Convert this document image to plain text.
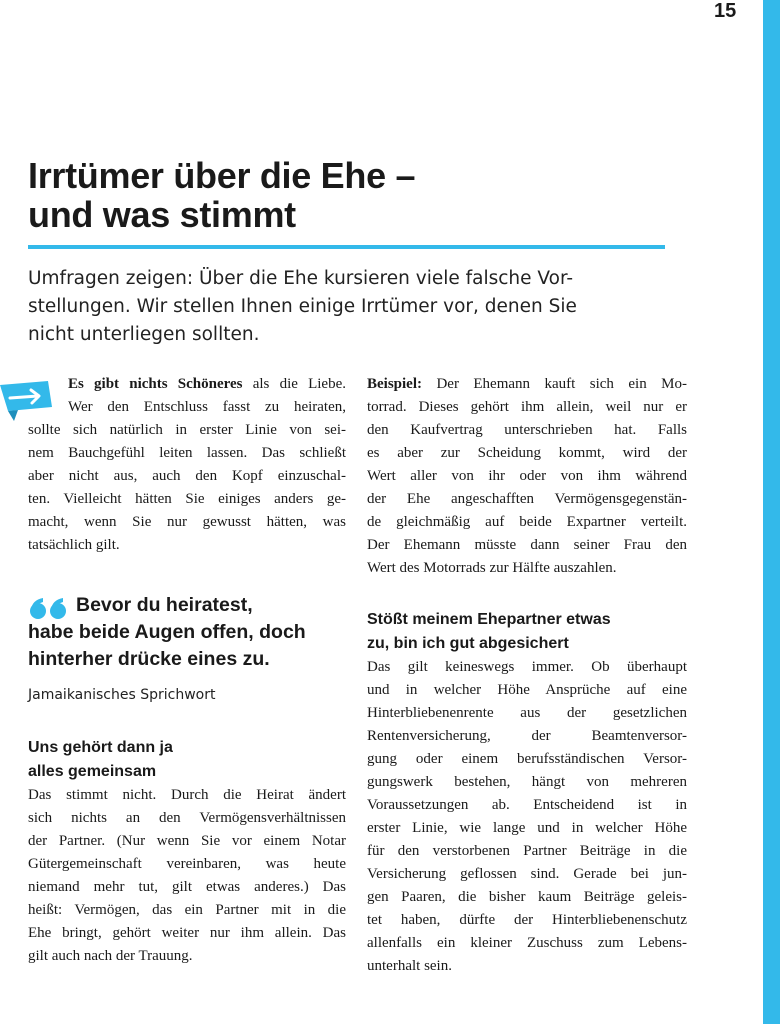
15
Irrtümer über die Ehe –
und was stimmt

Umfragen zeigen: Über die Ehe kursieren viele falsche Vor-
stellungen. Wir stellen Ihnen einige Irrtümer vor, denen Sie
nicht unterliegen sollten.

Es gibt nichts Schöneres als die Liebe.
Wer den Entschluss fasst zu heiraten,
sollte sich natürlich in erster Linie von sei-
nem Bauchgefühl leiten lassen. Das schließt
aber nicht aus, auch den Kopf einzuschal-
ten. Vielleicht hätten Sie einiges anders ge-
macht, wenn Sie nur gewusst hätten, was
tatsächlich gilt.

Bevor du heiratest,
habe beide Augen offen, doch
hinterher drücke eines zu.

Jamaikanisches Sprichwort
Uns gehört dann ja
alles gemeinsam
Das stimmt nicht. Durch die Heirat ändert
sich nichts an den Vermögensverhältnissen
der Partner. (Nur wenn Sie vor einem Notar
Gütergemeinschaft vereinbaren, was heute
niemand mehr tut, gilt etwas anderes.) Das
heißt: Vermögen, das ein Partner mit in die
Ehe bringt, gehört weiter nur ihm allein. Das
gilt auch nach der Trauung.
Beispiel: Der Ehemann kauft sich ein Mo-
torrad. Dieses gehört ihm allein, weil nur er
den Kaufvertrag unterschrieben hat. Falls
es aber zur Scheidung kommt, wird der
Wert aller von ihr oder von ihm während
der Ehe angeschafften Vermögensgegenstän-
de gleichmäßig auf beide Expartner verteilt.
Der Ehemann müsste dann seiner Frau den
Wert des Motorrads zur Hälfte auszahlen.
Stößt meinem Ehepartner etwas
zu, bin ich gut abgesichert
Das gilt keineswegs immer. Ob überhaupt
und in welcher Höhe Ansprüche auf eine
Hinterbliebenenrente aus der gesetzlichen
Rentenversicherung, der Beamtenversor-
gung oder einem berufsständischen Versor-
gungswerk bestehen, hängt von mehreren
Voraussetzungen ab. Entscheidend ist in
erster Linie, wie lange und in welcher Höhe
für den verstorbenen Partner Beiträge in die
Versicherung geflossen sind. Gerade bei jun-
gen Paaren, die bisher kaum Beiträge geleis-
tet haben, dürfte der Hinterbliebenenschutz
allenfalls ein kleiner Zuschuss zum Lebens-
unterhalt sein.
